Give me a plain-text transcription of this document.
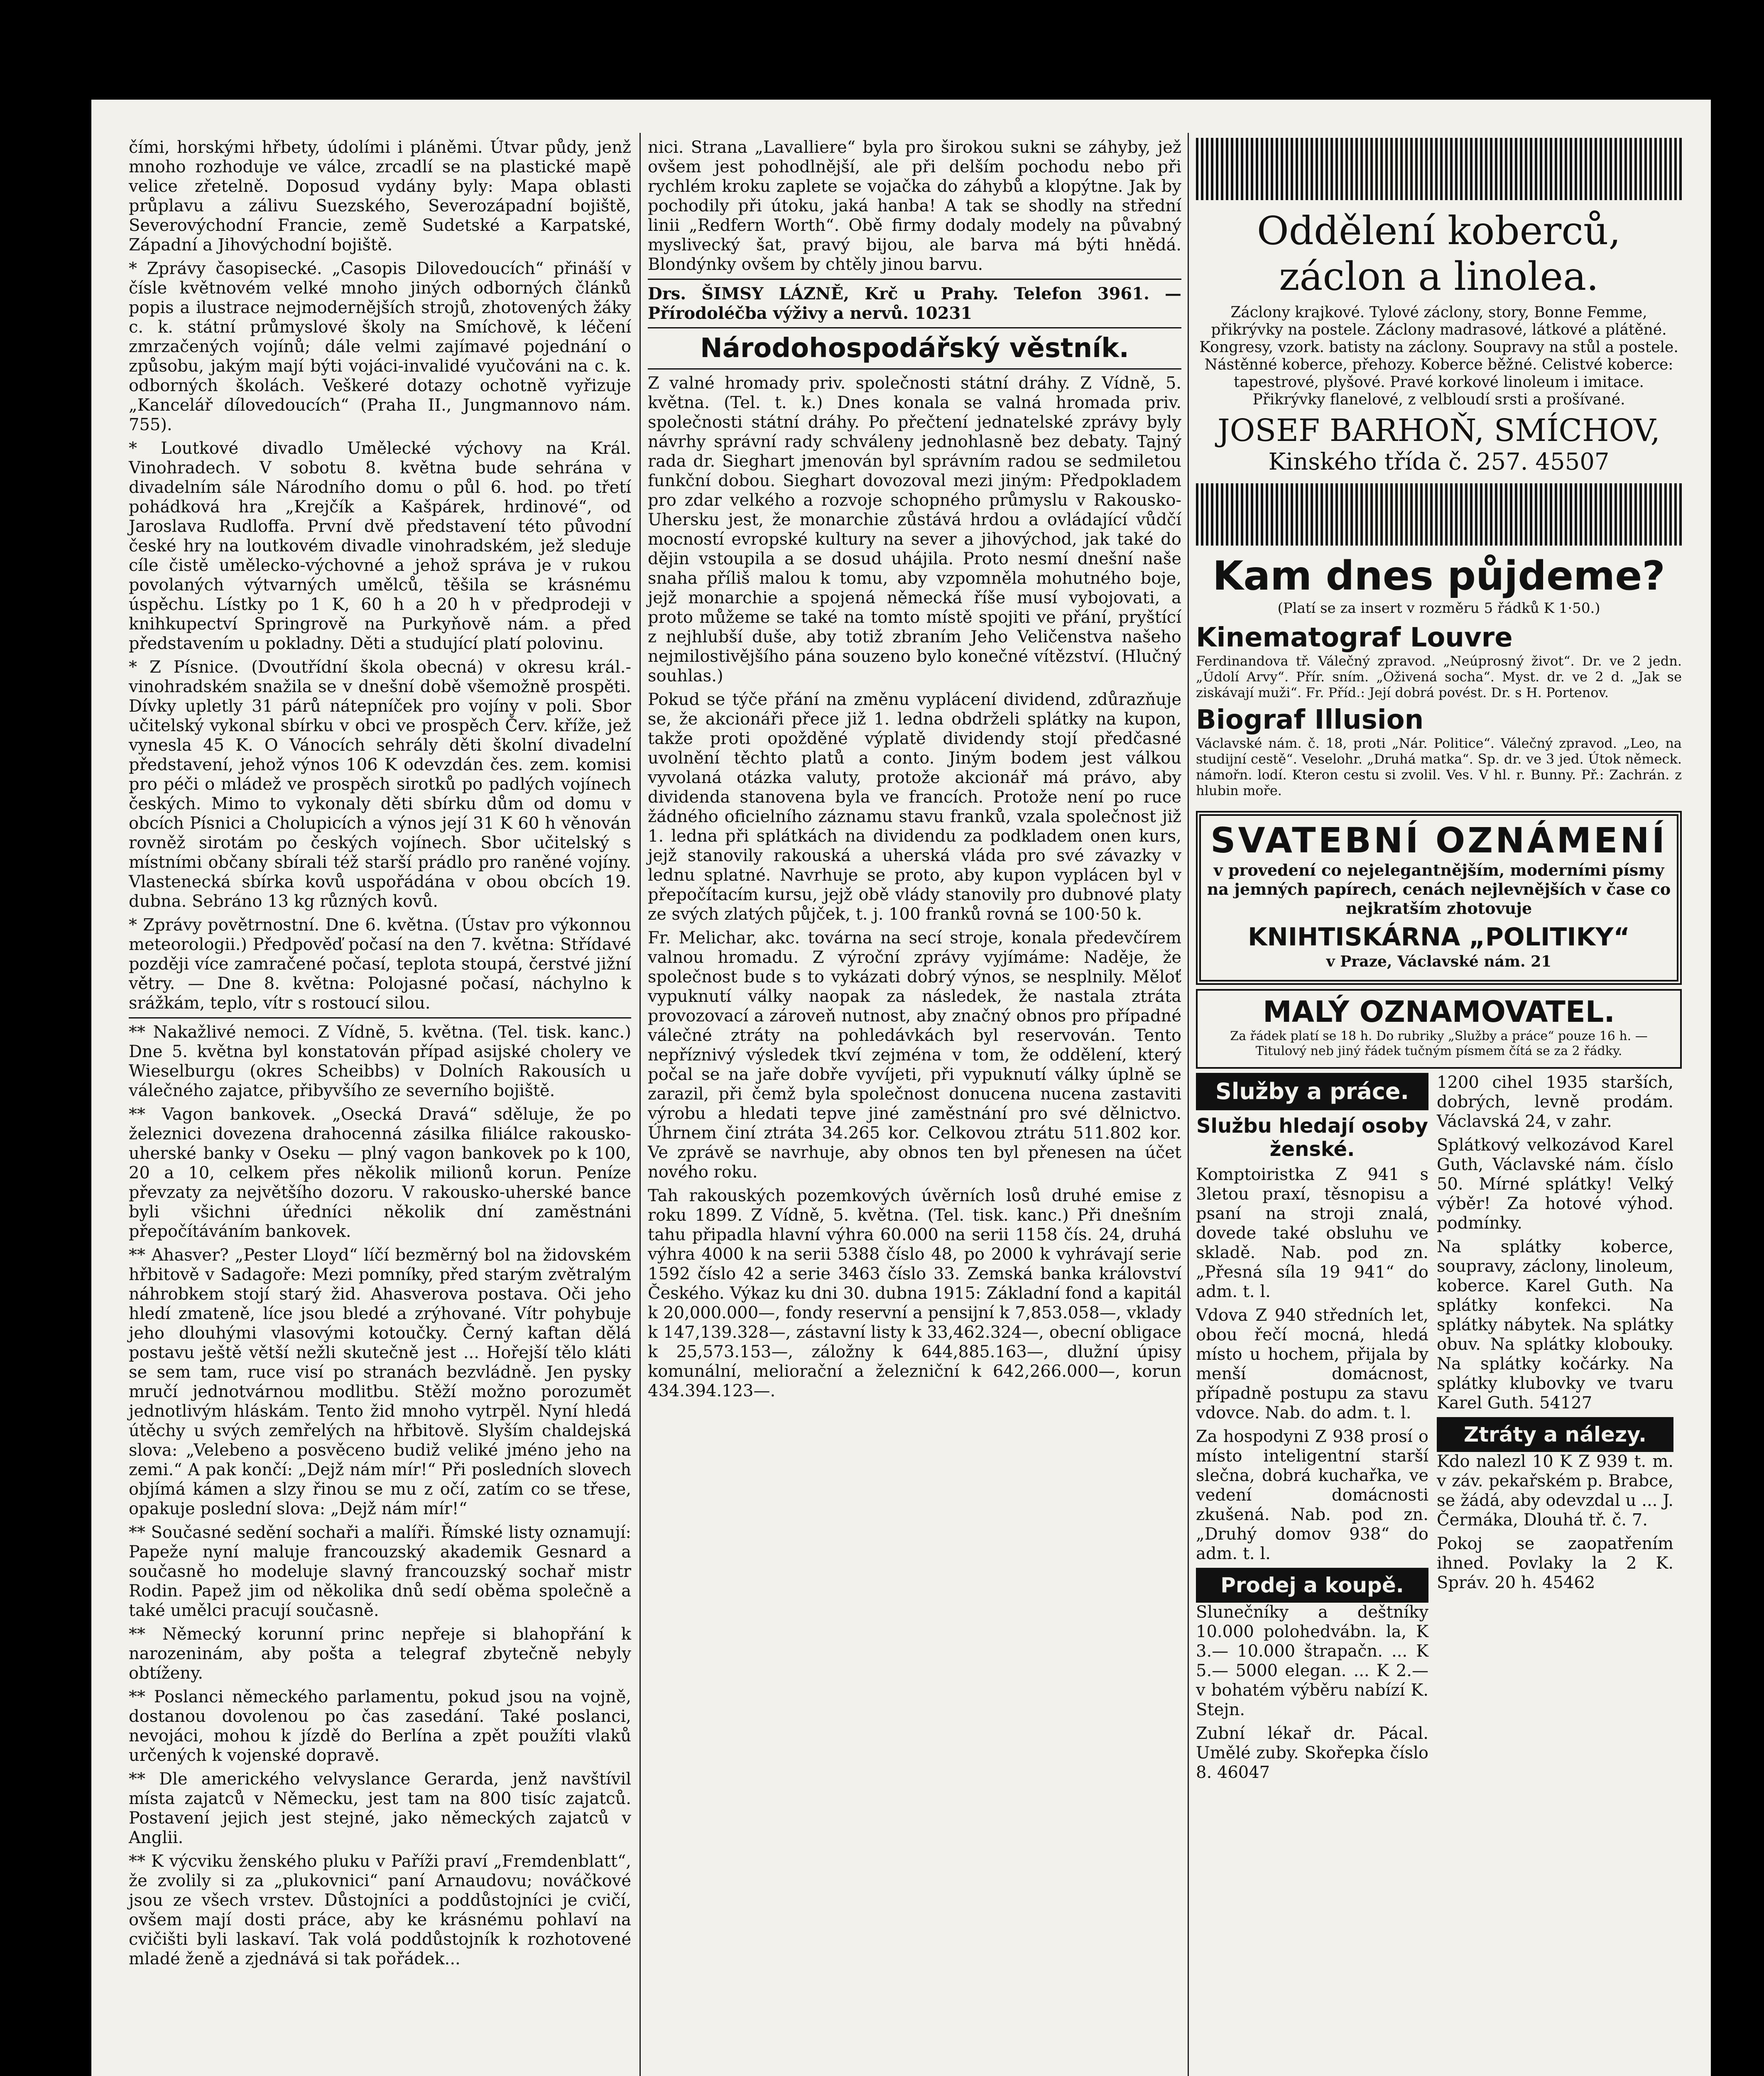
čími, horskými hřbety, údolími i pláněmi. Útvar půdy, jenž mnoho rozhoduje ve válce, zrcadlí se na plastické mapě velice zřetelně. Doposud vydány byly: Mapa oblasti průplavu a zálivu Suezského, Severozápadní bojiště, Severovýchodní Francie, země Sudetské a Karpatské, Západní a Jihovýchodní bojiště.

* Zprávy časopisecké. „Casopis Dilovedoucích“ přináší v čísle květnovém velké mnoho jiných odborných článků popis a ilustrace nejmodernějších strojů, zhotovených žáky c. k. státní průmyslové školy na Smíchově, k léčení zmrzačených vojínů; dále velmi zajímavé pojednání o způsobu, jakým mají býti vojáci-invalidé vyučováni na c. k. odborných školách. Veškeré dotazy ochotně vyřizuje „Kancelář dílovedoucích“ (Praha II., Jungmannovo nám. 755).

* Loutkové divadlo Umělecké výchovy na Král. Vinohradech. V sobotu 8. května bude sehrána v divadelním sále Národního domu o půl 6. hod. po třetí pohádková hra „Krejčík a Kašpárek, hrdinové“, od Jaroslava Rudloffa. První dvě představení této původní české hry na loutkovém divadle vinohradském, jež sleduje cíle čistě umělecko-výchovné a jehož správa je v rukou povolaných výtvarných umělců, těšila se krásnému úspěchu. Lístky po 1 K, 60 h a 20 h v předprodeji v knihkupectví Springrově na Purkyňově nám. a před představením u pokladny. Děti a studující platí polovinu.

* Z Písnice. (Dvoutřídní škola obecná) v okresu král.-vinohradském snažila se v dnešní době všemožně prospěti. Dívky upletly 31 párů nátepníček pro vojíny v poli. Sbor učitelský vykonal sbírku v obci ve prospěch Červ. kříže, jež vynesla 45 K. O Vánocích sehrály děti školní divadelní představení, jehož výnos 106 K odevzdán čes. zem. komisi pro péči o mládež ve prospěch sirotků po padlých vojínech českých. Mimo to vykonaly děti sbírku dům od domu v obcích Písnici a Cholupicích a výnos její 31 K 60 h věnován rovněž sirotám po českých vojínech. Sbor učitelský s místními občany sbírali též starší prádlo pro raněné vojíny. Vlastenecká sbírka kovů uspořádána v obou obcích 19. dubna. Sebráno 13 kg různých kovů.

* Zprávy povětrnostní. Dne 6. května. (Ústav pro výkonnou meteorologii.) Předpověď počasí na den 7. května: Střídavé později více zamračené počasí, teplota stoupá, čerstvé jižní větry. — Dne 8. května: Polojasné počasí, náchylno k srážkám, teplo, vítr s rostoucí silou.

** Nakažlivé nemoci. Z Vídně, 5. května. (Tel. tisk. kanc.) Dne 5. května byl konstatován případ asijské cholery ve Wieselburgu (okres Scheibbs) v Dolních Rakousích u válečného zajatce, přibyvšího ze severního bojiště.

** Vagon bankovek. „Osecká Dravá“ sděluje, že po železnici dovezena drahocenná zásilka filiálce rakousko-uherské banky v Oseku — plný vagon bankovek po k 100, 20 a 10, celkem přes několik milionů korun. Peníze převzaty za největšího dozoru. V rakousko-uherské bance byli všichni úředníci několik dní zaměstnáni přepočítáváním bankovek.

** Ahasver? „Pester Lloyd“ líčí bezměrný bol na židovském hřbitově v Sadagoře: Mezi pomníky, před starým zvětralým náhrobkem stojí starý žid. Ahasverova postava. Oči jeho hledí zmateně, líce jsou bledé a zrýhované. Vítr pohybuje jeho dlouhými vlasovými kotoučky. Černý kaftan dělá postavu ještě větší nežli skutečně jest ... Hořejší tělo kláti se sem tam, ruce visí po stranách bezvládně. Jen pysky mručí jednotvárnou modlitbu. Stěží možno porozumět jednotlivým hláskám. Tento žid mnoho vytrpěl. Nyní hledá útěchy u svých zemřelých na hřbitově. Slyším chaldejská slova: „Velebeno a posvěceno budiž veliké jméno jeho na zemi.“ A pak končí: „Dejž nám mír!“ Při posledních slovech objímá kámen a slzy řinou se mu z očí, zatím co se třese, opakuje poslední slova: „Dejž nám mír!“

** Současné sedění sochaři a malíři. Římské listy oznamují: Papeže nyní maluje francouzský akademik Gesnard a současně ho modeluje slavný francouzský sochař mistr Rodin. Papež jim od několika dnů sedí oběma společně a také umělci pracují současně.

** Německý korunní princ nepřeje si blahopřání k narozeninám, aby pošta a telegraf zbytečně nebyly obtíženy.

** Poslanci německého parlamentu, pokud jsou na vojně, dostanou dovolenou po čas zasedání. Také poslanci, nevojáci, mohou k jízdě do Berlína a zpět použíti vlaků určených k vojenské dopravě.

** Dle amerického velvyslance Gerarda, jenž navštívil místa zajatců v Německu, jest tam na 800 tisíc zajatců. Postavení jejich jest stejné, jako německých zajatců v Anglii.

** K výcviku ženského pluku v Paříži praví „Fremdenblatt“, že zvolily si za „plukovnici“ paní Arnaudovu; nováčkové jsou ze všech vrstev. Důstojníci a poddůstojníci je cvičí, ovšem mají dosti práce, aby ke krásnému pohlaví na cvičišti byli laskaví. Tak volá poddůstojník k rozhotovené mladé ženě a zjednává si tak pořádek...

nici. Strana „Lavalliere“ byla pro širokou sukni se záhyby, jež ovšem jest pohodlnější, ale při delším pochodu nebo při rychlém kroku zaplete se vojačka do záhybů a klopýtne. Jak by pochodily při útoku, jaká hanba! A tak se shodly na střední linii „Redfern Worth“. Obě firmy dodaly modely na půvabný myslivecký šat, pravý bijou, ale barva má býti hnědá. Blondýnky ovšem by chtěly jinou barvu.

Drs. ŠIMSY LÁZNĚ, Krč u Prahy. Telefon 3961. — Přírodoléčba výživy a nervů. 10231

Národohospodářský věstník.

Z valné hromady priv. společnosti státní dráhy. Z Vídně, 5. května. (Tel. t. k.) Dnes konala se valná hromada priv. společnosti státní dráhy. Po přečtení jednatelské zprávy byly návrhy správní rady schváleny jednohlasně bez debaty. Tajný rada dr. Sieghart jmenován byl správním radou se sedmiletou funkční dobou. Sieghart dovozoval mezi jiným: Předpokladem pro zdar velkého a rozvoje schopného průmyslu v Rakousko-Uhersku jest, že monarchie zůstává hrdou a ovládající vůdčí mocností evropské kultury na sever a jihovýchod, jak také do dějin vstoupila a se dosud uhájila. Proto nesmí dnešní naše snaha příliš malou k tomu, aby vzpomněla mohutného boje, jejž monarchie a spojená německá říše musí vybojovati, a proto můžeme se také na tomto místě spojiti ve přání, pryštící z nejhlubší duše, aby totiž zbraním Jeho Veličenstva našeho nejmilostivějšího pána souzeno bylo konečné vítězství. (Hlučný souhlas.)

Pokud se týče přání na změnu vyplácení dividend, zdůrazňuje se, že akcionáři přece již 1. ledna obdrželi splátky na kupon, takže proti opožděné výplatě dividendy stojí předčasné uvolnění těchto platů a conto. Jiným bodem jest válkou vyvolaná otázka valuty, protože akcionář má právo, aby dividenda stanovena byla ve francích. Protože není po ruce žádného oficielního záznamu stavu franků, vzala společnost již 1. ledna při splátkách na dividendu za podkladem onen kurs, jejž stanovily rakouská a uherská vláda pro své závazky v lednu splatné. Navrhuje se proto, aby kupon vyplácen byl v přepočítacím kursu, jejž obě vlády stanovily pro dubnové platy ze svých zlatých půjček, t. j. 100 franků rovná se 100·50 k.

Fr. Melichar, akc. továrna na secí stroje, konala předevčírem valnou hromadu. Z výroční zprávy vyjímáme: Naděje, že společnost bude s to vykázati dobrý výnos, se nesplnily. Měloť vypuknutí války naopak za následek, že nastala ztráta provozovací a zároveň nutnost, aby značný obnos pro případné válečné ztráty na pohledávkách byl reservován. Tento nepříznivý výsledek tkví zejména v tom, že oddělení, který počal se na jaře dobře vyvíjeti, při vypuknutí války úplně se zarazil, při čemž byla společnost donucena nucena zastaviti výrobu a hledati tepve jiné zaměstnání pro své dělnictvo. Úhrnem činí ztráta 34.265 kor. Celkovou ztrátu 511.802 kor. Ve zprávě se navrhuje, aby obnos ten byl přenesen na účet nového roku.

Tah rakouských pozemkových úvěrních losů druhé emise z roku 1899. Z Vídně, 5. května. (Tel. tisk. kanc.) Při dnešním tahu připadla hlavní výhra 60.000 na serii 1158 čís. 24, druhá výhra 4000 k na serii 5388 číslo 48, po 2000 k vyhrávají serie 1592 číslo 42 a serie 3463 číslo 33. Zemská banka království Českého. Výkaz ku dni 30. dubna 1915: Základní fond a kapitál k 20,000.000—, fondy reservní a pensijní k 7,853.058—, vklady k 147,139.328—, zástavní listy k 33,462.324—, obecní obligace k 25,573.153—, záložny k 644,885.163—, dlužní úpisy komunální, meliorační a železniční k 642,266.000—, korun 434.394.123—.

Oddělení koberců, záclon a linolea.

Záclony krajkové. Tylové záclony, story, Bonne Femme, přikrývky na postele. Záclony madrasové, látkové a plátěné. Kongresy, vzork. batisty na záclony. Soupravy na stůl a postele. Nástěnné koberce, přehozy. Koberce běžné. Celistvé koberce: tapestrové, plyšové. Pravé korkové linoleum i imitace. Přikrývky flanelové, z velbloudí srsti a prošívané.

JOSEF BARHOŇ, SMÍCHOV,
Kinského třída č. 257. 45507
Kam dnes půjdeme?

(Platí se za insert v rozměru 5 řádků K 1·50.)

Kinematograf Louvre

Ferdinandova tř. Válečný zpravod. „Neúprosný život“. Dr. ve 2 jedn. „Údolí Arvy“. Přír. sním. „Oživená socha“. Myst. dr. ve 2 d. „Jak se ziskávají muži“. Fr. Příd.: Její dobrá povést. Dr. s H. Portenov.

Biograf Illusion

Václavské nám. č. 18, proti „Nár. Politice“. Válečný zpravod. „Leo, na studijní cestě“. Veselohr. „Druhá matka“. Sp. dr. ve 3 jed. Útok německ. námořn. lodí. Kteron cestu si zvolil. Ves. V hl. r. Bunny. Př.: Zachrán. z hlubin moře.

SVATEBNÍ OZNÁMENÍ

v provedení co nejelegantnějším, moderními písmy na jemných papírech, cenách nejlevnějších v čase co nejkratším zhotovuje

KNIHTISKÁRNA „POLITIKY“

v Praze, Václavské nám. 21

MALÝ OZNAMOVATEL.

Za řádek platí se 18 h. Do rubriky „Služby a práce“ pouze 16 h. — Titulový neb jiný řádek tučným písmem čítá se za 2 řádky.

Služby a práce.
Službu hledají osoby ženské.

Komptoiristka Z 941 s 3letou praxí, těsnopisu a psaní na stroji znalá, dovede také obsluhu ve skladě. Nab. pod zn. „Přesná síla 19 941“ do adm. t. l.

Vdova Z 940 středních let, obou řečí mocná, hledá místo u hochem, přijala by menší domácnost, případně postupu za stavu vdovce. Nab. do adm. t. l.

Za hospodyni Z 938 prosí o místo inteligentní starší slečna, dobrá kuchařka, ve vedení domácnosti zkušená. Nab. pod zn. „Druhý domov 938“ do adm. t. l.

Prodej a koupě.

Slunečníky a deštníky 10.000 polohedvábn. la, K 3.— 10.000 štrapačn. ... K 5.— 5000 elegan. ... K 2.— v bohatém výběru nabízí K. Stejn.

Zubní lékař dr. Pácal. Umělé zuby. Skořepka číslo 8. 46047

1200 cihel 1935 starších, dobrých, levně prodám. Václavská 24, v zahr.

Splátkový velkozávod Karel Guth, Václavské nám. číslo 50. Mírné splátky! Velký výběr! Za hotové výhod. podmínky.

Na splátky koberce, soupravy, záclony, linoleum, koberce. Karel Guth. Na splátky konfekci. Na splátky nábytek. Na splátky obuv. Na splátky klobouky. Na splátky kočárky. Na splátky klubovky ve tvaru Karel Guth. 54127

Ztráty a nálezy.

Kdo nalezl 10 K Z 939 t. m. v záv. pekařském p. Brabce, se žádá, aby odevzdal u ... J. Čermáka, Dlouhá tř. č. 7.

Pokoj se zaopatřením ihned. Povlaky la 2 K. Správ. 20 h. 45462
